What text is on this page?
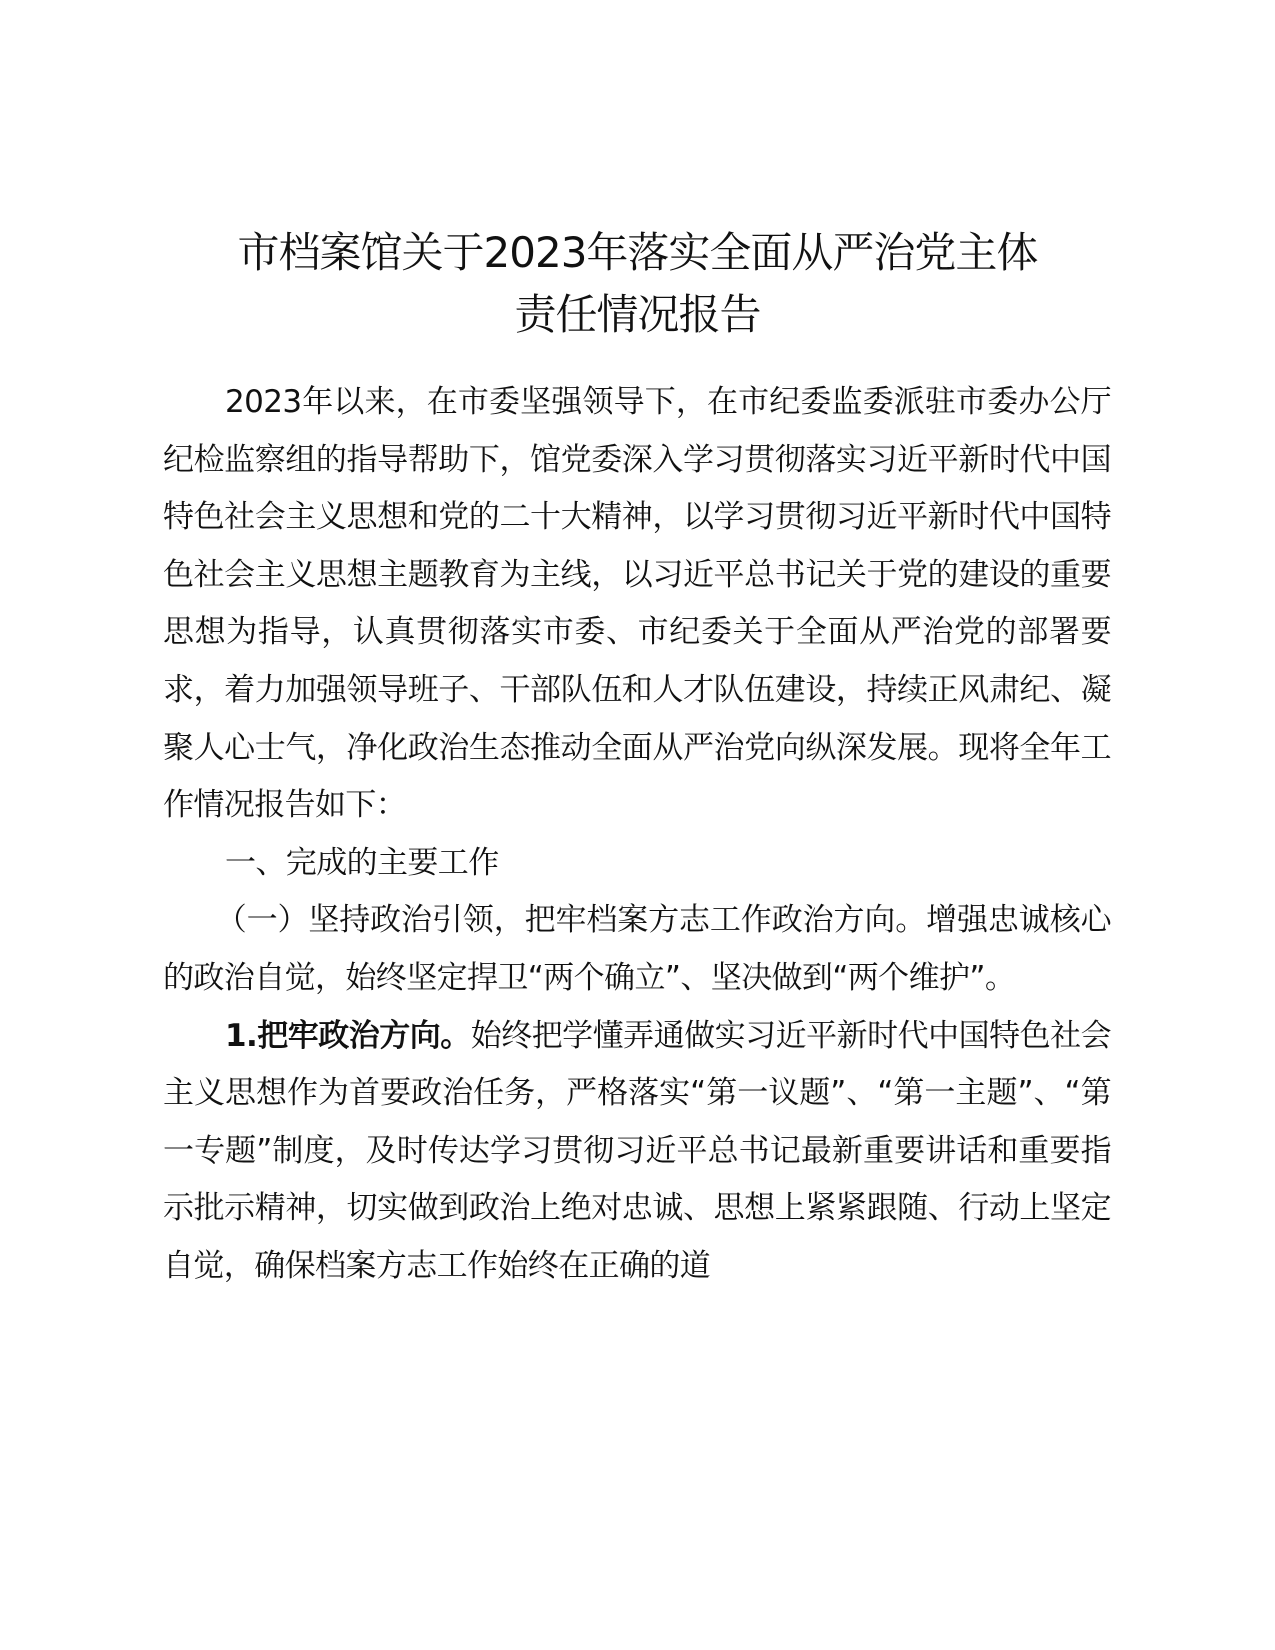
市档案馆关于2023年落实全面从严治党主体
责任情况报告

2023年以来，在市委坚强领导下，在市纪委监委派驻市委办公厅纪检监察组的指导帮助下，馆党委深入学习贯彻落实习近平新时代中国特色社会主义思想和党的二十大精神，以学习贯彻习近平新时代中国特色社会主义思想主题教育为主线，以习近平总书记关于党的建设的重要思想为指导，认真贯彻落实市委、市纪委关于全面从严治党的部署要求，着力加强领导班子、干部队伍和人才队伍建设，持续正风肃纪、凝聚人心士气，净化政治生态推动全面从严治党向纵深发展。现将全年工作情况报告如下：

一、完成的主要工作

（一）坚持政治引领，把牢档案方志工作政治方向。增强忠诚核心的政治自觉，始终坚定捍卫“两个确立”、坚决做到“两个维护”。

1.把牢政治方向。始终把学懂弄通做实习近平新时代中国特色社会主义思想作为首要政治任务，严格落实“第一议题”、“第一主题”、“第一专题”制度，及时传达学习贯彻习近平总书记最新重要讲话和重要指示批示精神，切实做到政治上绝对忠诚、思想上紧紧跟随、行动上坚定自觉，确保档案方志工作始终在正确的道
